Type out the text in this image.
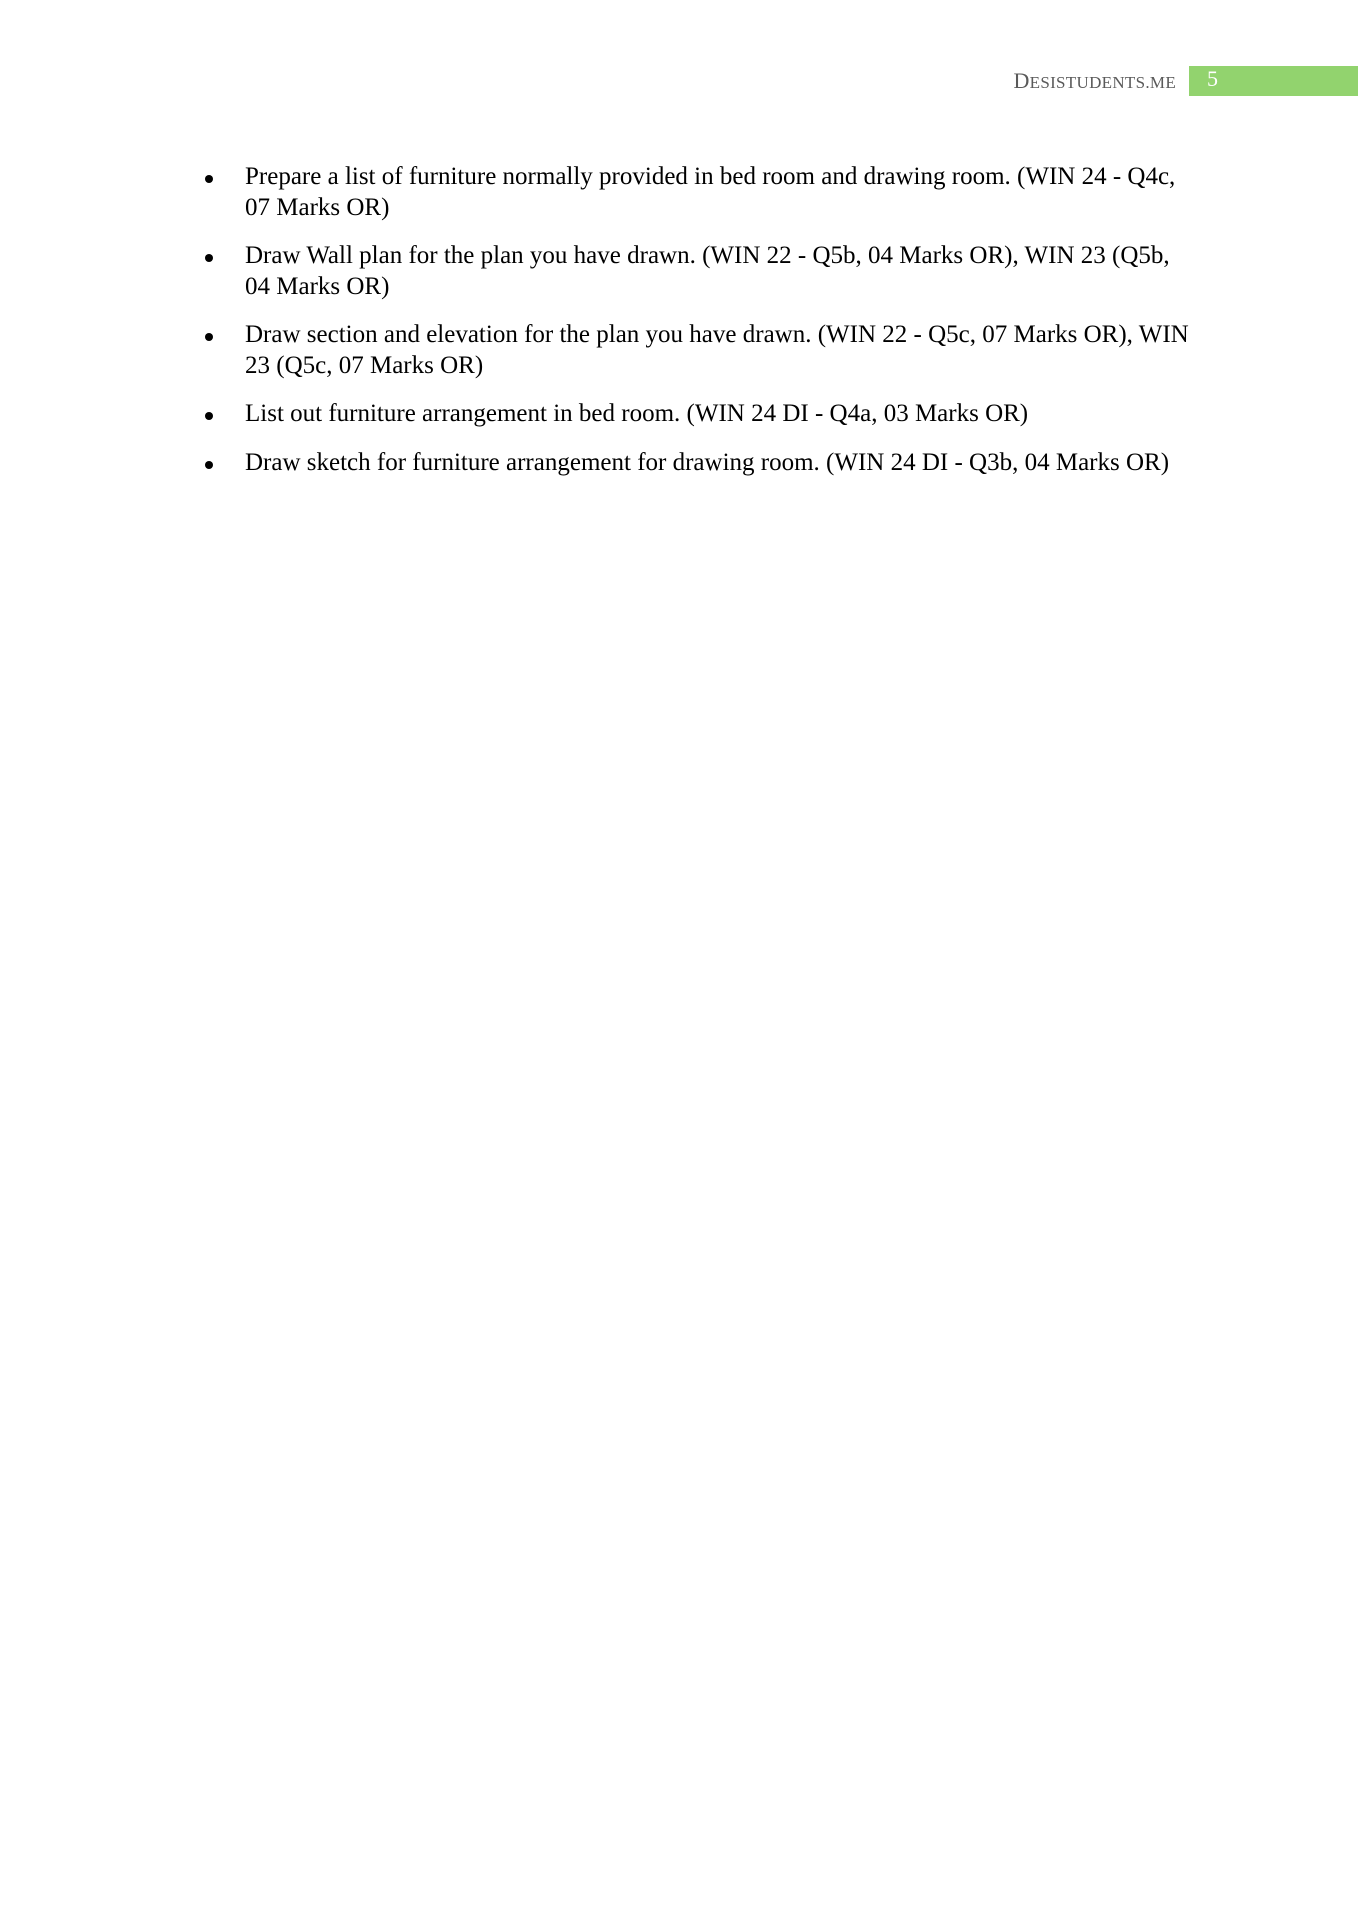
DESISTUDENTS.ME 5
Prepare a list of furniture normally provided in bed room and drawing room. (WIN 24 - Q4c, 07 Marks OR)
Draw Wall plan for the plan you have drawn. (WIN 22 - Q5b, 04 Marks OR), WIN 23 (Q5b, 04 Marks OR)
Draw section and elevation for the plan you have drawn. (WIN 22 - Q5c, 07 Marks OR), WIN 23 (Q5c, 07 Marks OR)
List out furniture arrangement in bed room. (WIN 24 DI - Q4a, 03 Marks OR)
Draw sketch for furniture arrangement for drawing room. (WIN 24 DI - Q3b, 04 Marks OR)
